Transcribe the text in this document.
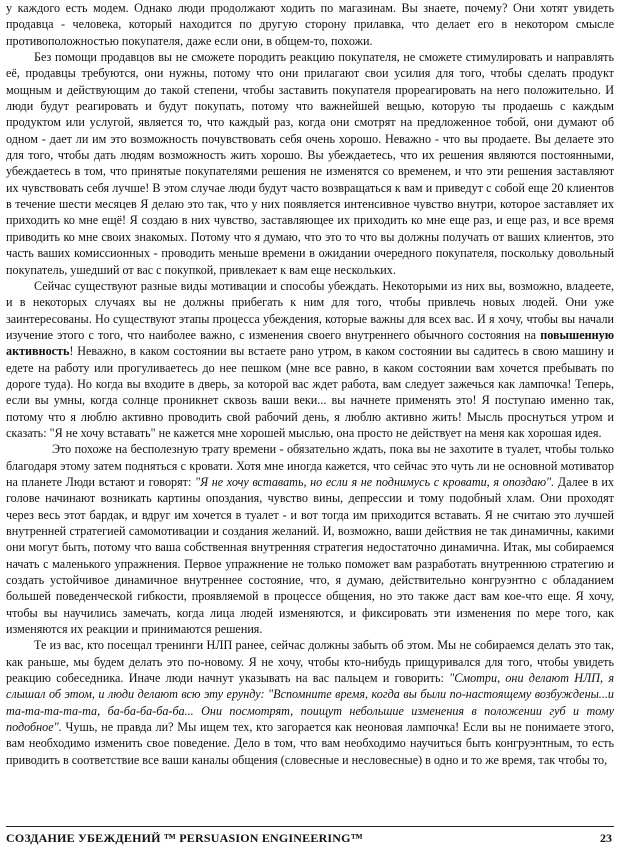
у каждого есть модем. Однако люди продолжают ходить по магазинам. Вы знаете, почему? Они хотят увидеть продавца - человека, который находится по другую сторону прилавка, что делает его в некотором смысле противоположностью покупателя, даже если они, в общем-то, похожи.

Без помощи продавцов вы не сможете породить реакцию покупателя, не сможете стимулировать и направлять её, продавцы требуются, они нужны, потому что они прилагают свои усилия для того, чтобы сделать продукт мощным и действующим до такой степени, чтобы заставить покупателя прореагировать на него положительно. И люди будут реагировать и будут покупать, потому что важнейшей вещью, которую ты продаешь с каждым продуктом или услугой, является то, что каждый раз, когда они смотрят на предложенное тобой, они думают об одном - дает ли им это возможность почувствовать себя очень хорошо. Неважно - что вы продаете. Вы делаете это для того, чтобы дать людям возможность жить хорошо. Вы убеждаетесь, что их решения являются постоянными, убеждаетесь в том, что принятые покупателями решения не изменятся со временем, и что эти решения заставляют их чувствовать себя лучше! В этом случае люди будут часто возвращаться к вам и приведут с собой еще 20 клиентов в течение шести месяцев Я делаю это так, что у них появляется интенсивное чувство внутри, которое заставляет их приходить ко мне ещё! Я создаю в них чувство, заставляющее их приходить ко мне еще раз, и еще раз, и все время приводить ко мне своих знакомых. Потому что я думаю, что это то что вы должны получать от ваших клиентов, это часть ваших комиссионных - проводить меньше времени в ожидании очередного покупателя, поскольку довольный покупатель, ушедший от вас с покупкой, привлекает к вам еще нескольких.

Сейчас существуют разные виды мотивации и способы убеждать. Некоторыми из них вы, возможно, владеете, и в некоторых случаях вы не должны прибегать к ним для того, чтобы привлечь новых людей. Они уже заинтересованы. Но существуют этапы процесса убеждения, которые важны для всех вас. И я хочу, чтобы вы начали изучение этого с того, что наиболее важно, с изменения своего внутреннего обычного состояния на повышенную активность! Неважно, в каком состоянии вы встаете рано утром, в каком состоянии вы садитесь в свою машину и едете на работу или прогуливаетесь до нее пешком (мне все равно, в каком состоянии вам хочется пребывать по дороге туда). Но когда вы входите в дверь, за которой вас ждет работа, вам следует зажечься как лампочка! Теперь, если вы умны, когда солнце проникнет сквозь ваши веки... вы начнете применять это! Я поступаю именно так, потому что я люблю активно проводить свой рабочий день, я люблю активно жить! Мысль проснуться утром и сказать: "Я не хочу вставать" не кажется мне хорошей мыслью, она просто не действует на меня как хорошая идея.

Это похоже на бесполезную трату времени - обязательно ждать, пока вы не захотите в туалет, чтобы только благодаря этому затем подняться с кровати. Хотя мне иногда кажется, что сейчас это чуть ли не основной мотиватор на планете Люди встают и говорят: "Я не хочу вставать, но если я не поднимусь с кровати, я опоздаю". Далее в их голове начинают возникать картины опоздания, чувство вины, депрессии и тому подобный хлам. Они проходят через весь этот бардак, и вдруг им хочется в туалет - и вот тогда им приходится вставать. Я не считаю это лучшей внутренней стратегией самомотивации и создания желаний. И, возможно, ваши действия не так динамичны, какими они могут быть, потому что ваша собственная внутренняя стратегия недостаточно динамична. Итак, мы собираемся начать с маленького упражнения. Первое упражнение не только поможет вам разработать внутреннюю стратегию и создать устойчивое динамичное внутреннее состояние, что, я думаю, действительно конгруэнтно с обладанием большей поведенческой гибкости, проявляемой в процессе общения, но это также даст вам кое-что еще. Я хочу, чтобы вы научились замечать, когда лица людей изменяются, и фиксировать эти изменения по мере того, как изменяются их реакции и принимаются решения.

Те из вас, кто посещал тренинги НЛП ранее, сейчас должны забыть об этом. Мы не собираемся делать это так, как раньше, мы будем делать это по-новому. Я не хочу, чтобы кто-нибудь прищуривался для того, чтобы увидеть реакцию собеседника. Иначе люди начнут указывать на вас пальцем и говорить: "Смотри, они делают НЛП, я слышал об этом, и люди делают всю эту ерунду: "Вспомните время, когда вы были по-настоящему возбуждены...и та-та-та-та-та, ба-ба-ба-ба-ба... Они посмотрят, поищут небольшие изменения в положении губ и тому подобное". Чушь, не правда ли? Мы ищем тех, кто загорается как неоновая лампочка! Если вы не понимаете этого, вам необходимо изменить свое поведение. Дело в том, что вам необходимо научиться быть конгруэнтным, то есть приводить в соответствие все ваши каналы общения (словесные и несловесные) в одно и то же время, так чтобы то,

СОЗДАНИЕ УБЕЖДЕНИЙ ™ PERSUASION ENGINEERING™	23
